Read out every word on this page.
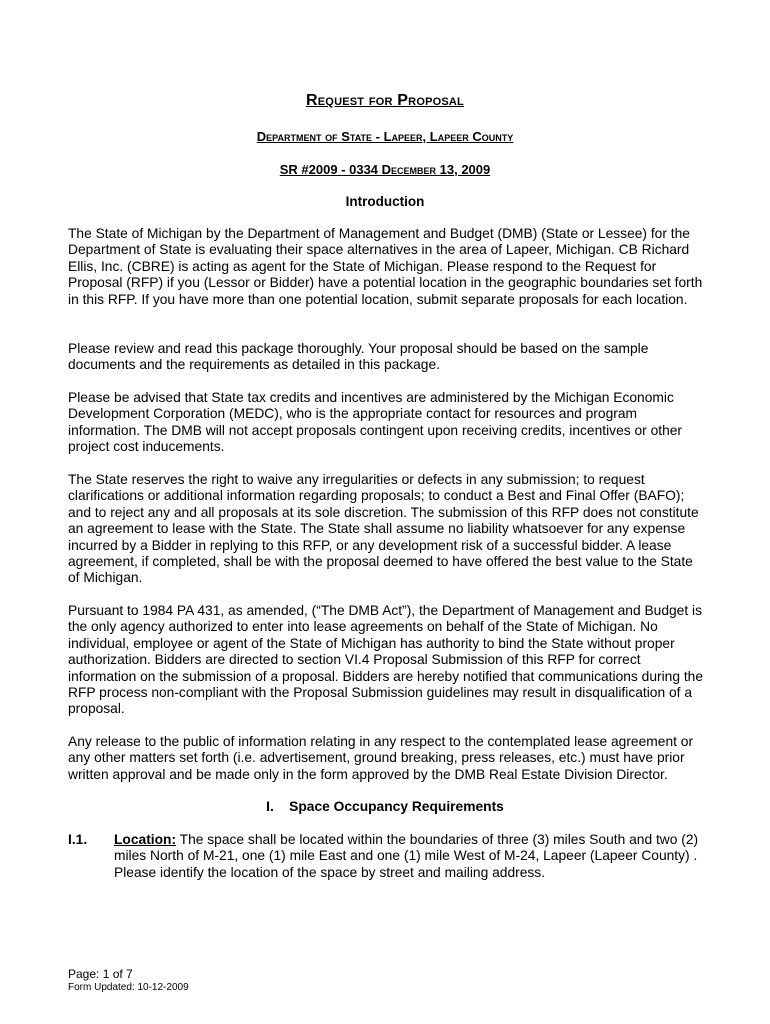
Request for Proposal
Department of State - Lapeer, Lapeer County
SR #2009 - 0334 December 13, 2009
Introduction

The State of Michigan by the Department of Management and Budget (DMB) (State or Lessee) for the Department of State is evaluating their space alternatives in the area of Lapeer, Michigan. CB Richard Ellis, Inc. (CBRE) is acting as agent for the State of Michigan. Please respond to the Request for Proposal (RFP) if you (Lessor or Bidder) have a potential location in the geographic boundaries set forth in this RFP. If you have more than one potential location, submit separate proposals for each location.

Please review and read this package thoroughly. Your proposal should be based on the sample documents and the requirements as detailed in this package.

Please be advised that State tax credits and incentives are administered by the Michigan Economic Development Corporation (MEDC), who is the appropriate contact for resources and program information. The DMB will not accept proposals contingent upon receiving credits, incentives or other project cost inducements.

The State reserves the right to waive any irregularities or defects in any submission; to request clarifications or additional information regarding proposals; to conduct a Best and Final Offer (BAFO); and to reject any and all proposals at its sole discretion. The submission of this RFP does not constitute an agreement to lease with the State. The State shall assume no liability whatsoever for any expense incurred by a Bidder in replying to this RFP, or any development risk of a successful bidder. A lease agreement, if completed, shall be with the proposal deemed to have offered the best value to the State of Michigan.

Pursuant to 1984 PA 431, as amended, (“The DMB Act”), the Department of Management and Budget is the only agency authorized to enter into lease agreements on behalf of the State of Michigan. No individual, employee or agent of the State of Michigan has authority to bind the State without proper authorization. Bidders are directed to section VI.4 Proposal Submission of this RFP for correct information on the submission of a proposal. Bidders are hereby notified that communications during the RFP process non-compliant with the Proposal Submission guidelines may result in disqualification of a proposal.

Any release to the public of information relating in any respect to the contemplated lease agreement or any other matters set forth (i.e. advertisement, ground breaking, press releases, etc.) must have prior written approval and be made only in the form approved by the DMB Real Estate Division Director.

I.    Space Occupancy Requirements
I.1. Location: The space shall be located within the boundaries of three (3) miles South and two (2) miles North of M-21, one (1) mile East and one (1) mile West of M-24, Lapeer (Lapeer County) . Please identify the location of the space by street and mailing address.
Page: 1 of 7
Form Updated: 10-12-2009
